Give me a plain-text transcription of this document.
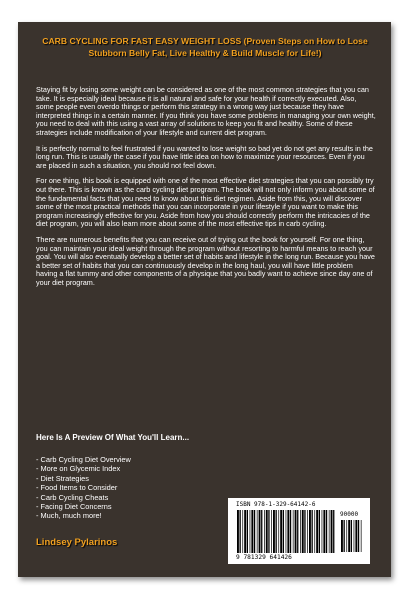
CARB CYCLING FOR FAST EASY WEIGHT LOSS (Proven Steps on How to Lose Stubborn Belly Fat, Live Healthy & Build Muscle for Life!)

Staying fit by losing some weight can be considered as one of the most common strategies that you can take. It is especially ideal because it is all natural and safe for your health if correctly executed. Also, some people even overdo things or perform this strategy in a wrong way just because they have interpreted things in a certain manner. If you think you have some problems in managing your own weight, you need to deal with this using a vast array of solutions to keep you fit and healthy. Some of these strategies include modification of your lifestyle and current diet program.

It is perfectly normal to feel frustrated if you wanted to lose weight so bad yet do not get any results in the long run. This is usually the case if you have little idea on how to maximize your resources. Even if you are placed in such a situation, you should not feel down.

For one thing, this book is equipped with one of the most effective diet strategies that you can possibly try out there. This is known as the carb cycling diet program. The book will not only inform you about some of the fundamental facts that you need to know about this diet regimen. Aside from this, you will discover some of the most practical methods that you can incorporate in your lifestyle if you want to make this program increasingly effective for you. Aside from how you should correctly perform the intricacies of the diet program, you will also learn more about some of the most effective tips in carb cycling.

There are numerous benefits that you can receive out of trying out the book for yourself. For one thing, you can maintain your ideal weight through the program without resorting to harmful means to reach your goal. You will also eventually develop a better set of habits and lifestyle in the long run. Because you have a better set of habits that you can continuously develop in the long haul, you will have little problem having a flat tummy and other components of a physique that you badly want to achieve since day one of your diet program.

Here Is A Preview Of What You'll Learn...
- Carb Cycling Diet Overview
- More on Glycemic Index
- Diet Strategies
- Food Items to Consider
- Carb Cycling Cheats
- Facing Diet Concerns
- Much, much more!

Lindsey Pylarinos

ISBN 978-1-329-64142-6
90000
9 781329 641426
